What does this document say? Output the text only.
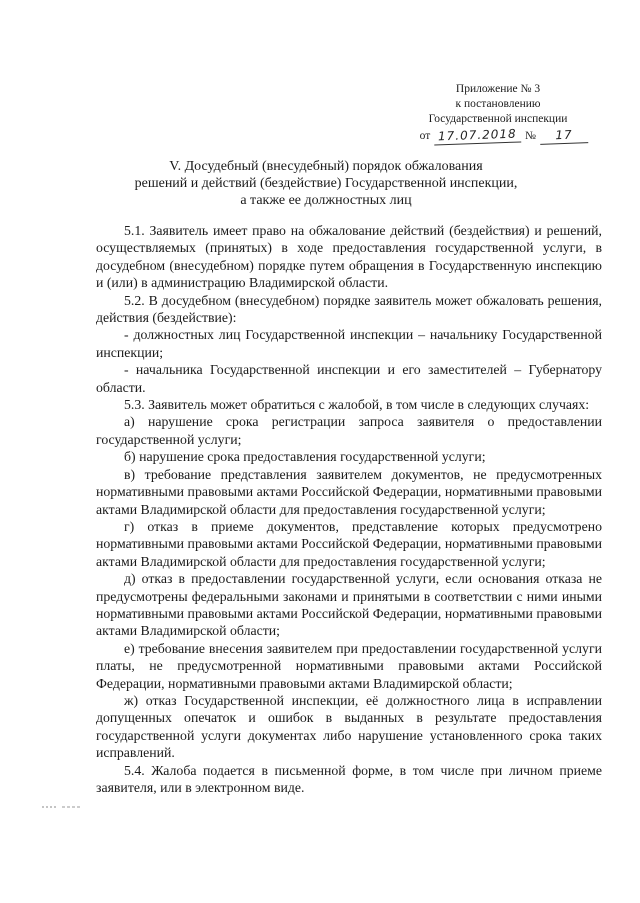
Приложение № 3
к постановлению
Государственной инспекции
от 17.07.2018 №	17
V. Досудебный (внесудебный) порядок обжалования
решений и действий (бездействие) Государственной инспекции,
а также ее должностных лиц

5.1. Заявитель имеет право на обжалование действий (бездействия) и решений, осуществляемых (принятых) в ходе предоставления государственной услуги, в досудебном (внесудебном) порядке путем обращения в Государственную инспекцию и (или) в администрацию Владимирской области.

5.2. В досудебном (внесудебном) порядке заявитель может обжаловать решения, действия (бездействие):

- должностных лиц Государственной инспекции – начальнику Государственной инспекции;

- начальника Государственной инспекции и его заместителей – Губернатору области.

5.3. Заявитель может обратиться с жалобой, в том числе в следующих случаях:

а) нарушение срока регистрации запроса заявителя о предоставлении государственной услуги;

б) нарушение срока предоставления государственной услуги;

в) требование представления заявителем документов, не предусмотренных нормативными правовыми актами Российской Федерации, нормативными правовыми актами Владимирской области для предоставления государственной услуги;

г) отказ в приеме документов, представление которых предусмотрено нормативными правовыми актами Российской Федерации, нормативными правовыми актами Владимирской области для предоставления государственной услуги;

д) отказ в предоставлении государственной услуги, если основания отказа не предусмотрены федеральными законами и принятыми в соответствии с ними иными нормативными правовыми актами Российской Федерации, нормативными правовыми актами Владимирской области;

е) требование внесения заявителем при предоставлении государственной услуги платы, не предусмотренной нормативными правовыми актами Российской Федерации, нормативными правовыми актами Владимирской области;

ж) отказ Государственной инспекции, её должностного лица в исправлении допущенных опечаток и ошибок в выданных в результате предоставления государственной услуги документах либо нарушение установленного срока таких исправлений.

5.4. Жалоба подается в письменной форме, в том числе при личном приеме заявителя, или в электронном виде.
